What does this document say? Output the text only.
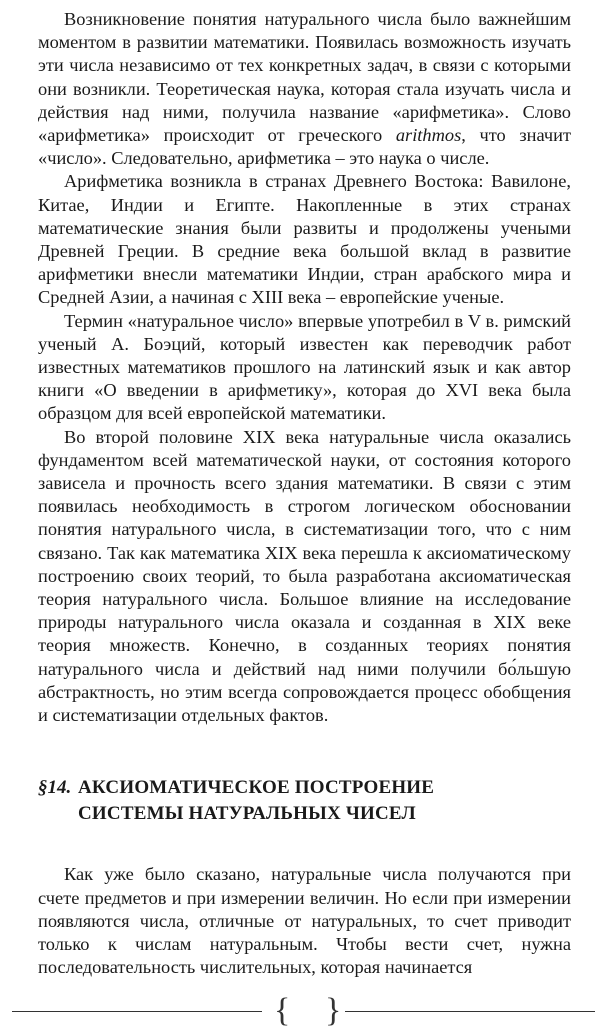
Возникновение понятия натурального числа было важнейшим моментом в развитии математики. Появилась возможность изучать эти числа независимо от тех конкретных задач, в связи с которыми они возникли. Теоретическая наука, которая стала изучать числа и действия над ними, получила название «арифметика». Слово «арифметика» происходит от греческого arithmos, что значит «число». Следовательно, арифметика – это наука о числе.

Арифметика возникла в странах Древнего Востока: Вавилоне, Китае, Индии и Египте. Накопленные в этих странах математические знания были развиты и продолжены учеными Древней Греции. В средние века большой вклад в развитие арифметики внесли математики Индии, стран арабского мира и Средней Азии, а начиная с XIII века – европейские ученые.

Термин «натуральное число» впервые употребил в V в. римский ученый А. Боэций, который известен как переводчик работ известных математиков прошлого на латинский язык и как автор книги «О введении в арифметику», которая до XVI века была образцом для всей европейской математики.

Во второй половине XIX века натуральные числа оказались фундаментом всей математической науки, от состояния которого зависела и прочность всего здания математики. В связи с этим появилась необходимость в строгом логическом обосновании понятия натурального числа, в систематизации того, что с ним связано. Так как математика XIX века перешла к аксиоматическому построению своих теорий, то была разработана аксиоматическая теория натурального числа. Большое влияние на исследование природы натурального числа оказала и созданная в XIX веке теория множеств. Конечно, в созданных теориях понятия натурального числа и действий над ними получили бо́льшую абстрактность, но этим всегда сопровождается процесс обобщения и систематизации отдельных фактов.

§14. АКСИОМАТИЧЕСКОЕ ПОСТРОЕНИЕ
СИСТЕМЫ НАТУРАЛЬНЫХ ЧИСЕЛ

Как уже было сказано, натуральные числа получаются при счете предметов и при измерении величин. Но если при измерении появляются числа, отличные от натуральных, то счет приводит только к числам натуральным. Чтобы вести счет, нужна последовательность числительных, которая начинается

{ }
